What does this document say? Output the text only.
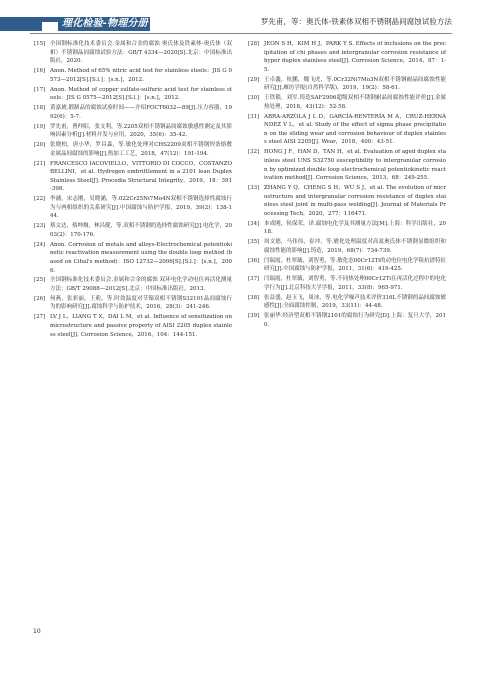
理化检验-物理分册	罗先甫，等：奥氏体-铁素体双相不锈钢晶间腐蚀试验方法
[15] 全国钢标准化技术委员会.金属和合金的腐蚀 奥氏体及铁素体-奥氏体（双相）不锈钢晶间腐蚀试验方法：GB/T 4334—2020[S].北京：中国标准出版社，2020.
[16] Anon. Method of 65% nitric acid test for stainless steels：JIS G 0573—2012[S].[S.l.]：[s.n.]，2012.
[17] Anon. Method of copper sulfate-sulfuric acid test for stainless steels：JIS G 0575—2012[S].[S.l.]：[s.n.]，2012.
[18] 黄嘉琥.锻制品的腐蚀试验时间——介绍FOCT6032—89[J].压力容器，1992(6)：5-7.
[19] 罗先甫，曹仲阳，张文利，等.2205双相不锈钢晶间腐蚀敏感性测定及其影响因素分析[J].材料开发与应用，2020，35(6)：35-42.
[20] 张晓柏，唐小华，罗昌森，等.敏化处理对CHS2209双相不锈钢焊条熔敷金属晶间腐蚀的影响[J].热加工工艺，2018，47(12)：191-194.
[21] FRANCESCO IACOVIELLO，VITTORIO DI COCCO，COSTANZO BELLINI，et al. Hydrogen embrittlement in a 2101 lean Duplex Stainless Steel[J]. Procedia Structural Integrity，2019，18：391-398.
[22] 李涵，宋志刚，吴晓涵，等.022Cr25Ni7Mo4N双相不锈钢选择性腐蚀行为与两相组织的关系研究[J].中国腐蚀与防护学报，2019，39(2)：138-144.
[23] 蔡文达，蔡坤炯，林昌健，等.双相不锈钢的选择性腐蚀研究[J].电化学，2003(2)：170-176.
[24] Anon. Corrosion of metals and alloys-Electrochemical potentiokinetic reactivation measurement using the double loop method (based on Cihal's method)：ISO 12732—2006[S].[S.l.]：[s.n.]，2006.
[25] 全国钢标准化技术委员会.金属和合金的腐蚀 双环电化学动电位再活化测量方法：GB/T 29088—2012[S].北京：中国标准出版社，2013.
[26] 何燕，张彩丽，王莉，等.时效温度对节镍双相不锈钢S32101晶间腐蚀行为的影响研究[J].腐蚀科学与防护技术，2016，28(3)：241-246.
[27] LV J L，LIANG T X，DAI L M，et al. Influence of sensitization on microstructure and passive property of AISI 2205 duplex stainless steel[J]. Corrosion Science，2016，104：144-151.
[28] JEON S H，KIM H J，PARK Y S. Effects of inclusions on the precipitation of chi phases and intergranular corrosion resistance of hyper duplex stainless steel[J]. Corrosion Science，2014，87：1-5.
[29] 王卓鑫，杭鹏，魏飞虎，等.0Cr32Ni7Mo3N双相不锈钢耐晶间腐蚀性能研究[J].雁坊学报(自然科学版)，2019，19(2)：58-61.
[30] 王铁锁，刘军.铸造SAF2906超级双相不锈钢耐晶间腐蚀性能评价[J].金属热处理，2018，43(12)：52-58.
[31] ABRA-ARZOLA J L D，GARCÍA-RENTERÍA M A，CRUZ-HERNÁNDEZ V L，et al. Study of the effect of sigma phase precipitation on the sliding wear and corrosion behaviour of duplex stainless steel AISI 2205[J]. Wear，2018，400：43-51.
[32] HONG J F，HAN D，TAN H，et al. Evaluation of aged duplex stainless steel UNS S32750 susceptibility to intergranular corrosion by optimized double loop electrochemical potentiokinetic reactivation method[J]. Corrosion Science，2013，68：249-255.
[33] ZHANG Y Q，CHENG S H，WU S J，et al. The evolution of microstructure and intergranular corrosion resistance of duplex stainless steel joint in multi-pass welding[J]. Journal of Materials Processing Tech，2020，277：116471.
[34] 本成刚，侯保荣，译.腐蚀电化学及其测量方法[M].上海：科学出版社，2018.
[35] 周文德，马伟伟，崔冲，等.敏化处理温度对高氮奥氏体不锈钢显微组织和腐蚀性能的影响[J].铸造，2019，68(7)：734-739.
[36] 闫瑞霞，杜翠薇，刘智勇，等.敏化态00Cr12Ti的动电位电化学阻抗谱特征研究[J].中国腐蚀与防护学报，2011，31(6)：419-425.
[37] 闫瑞霞，杜翠薇，刘智勇，等.不同热处理00Cr12Ti在再活化过程中的电化学行为[J].北京科技大学学报，2011，33(8)：965-971.
[38] 张益盛，赵玉飞，周冰，等.电化学噪声技术评价316L不锈钢的晶间腐蚀敏感性[J].全面腐蚀控制，2019，33(11)：44-48.
[39] 张丽华.经济型双相不锈钢2101的腐蚀行为研究[D].上海：复旦大学，2010.
10
